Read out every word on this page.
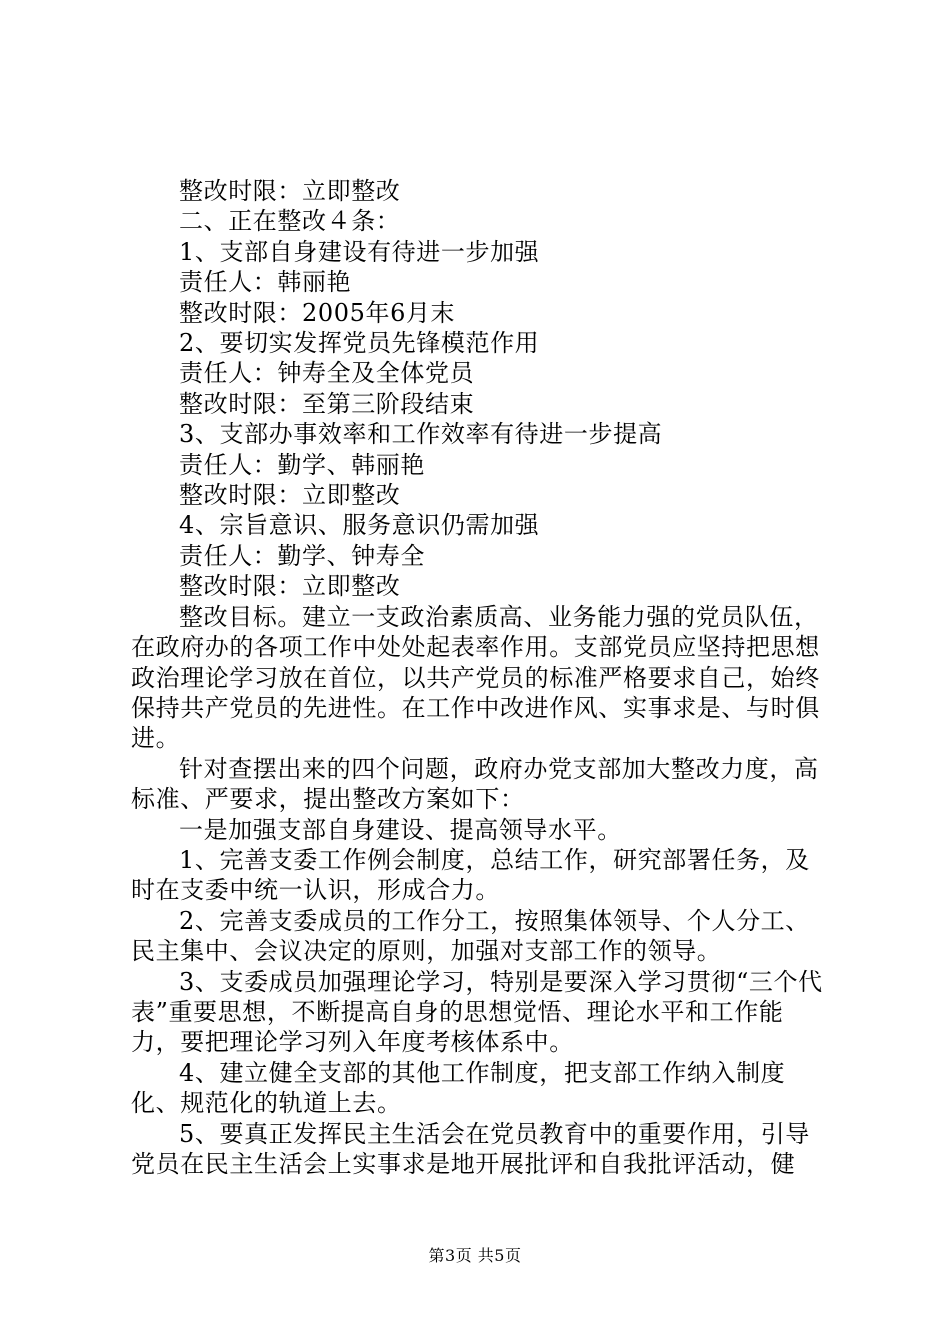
整改时限：立即整改
二、正在整改４条：
1、支部自身建设有待进一步加强
责任人：韩丽艳
整改时限：2005年6月末
2、要切实发挥党员先锋模范作用
责任人：钟寿全及全体党员
整改时限：至第三阶段结束
3、支部办事效率和工作效率有待进一步提高
责任人：勤学、韩丽艳
整改时限：立即整改
4、宗旨意识、服务意识仍需加强
责任人：勤学、钟寿全
整改时限：立即整改

整改目标。建立一支政治素质高、业务能力强的党员队伍，在政府办的各项工作中处处起表率作用。支部党员应坚持把思想政治理论学习放在首位，以共产党员的标准严格要求自己，始终保持共产党员的先进性。在工作中改进作风、实事求是、与时俱进。

针对查摆出来的四个问题，政府办党支部加大整改力度，高标准、严要求，提出整改方案如下：

一是加强支部自身建设、提高领导水平。

1、完善支委工作例会制度，总结工作，研究部署任务，及时在支委中统一认识，形成合力。

2、完善支委成员的工作分工，按照集体领导、个人分工、民主集中、会议决定的原则，加强对支部工作的领导。

3、支委成员加强理论学习，特别是要深入学习贯彻“三个代表”重要思想，不断提高自身的思想觉悟、理论水平和工作能力，要把理论学习列入年度考核体系中。

4、建立健全支部的其他工作制度，把支部工作纳入制度化、规范化的轨道上去。

5、要真正发挥民主生活会在党员教育中的重要作用，引导党员在民主生活会上实事求是地开展批评和自我批评活动，健

第3页 共5页
